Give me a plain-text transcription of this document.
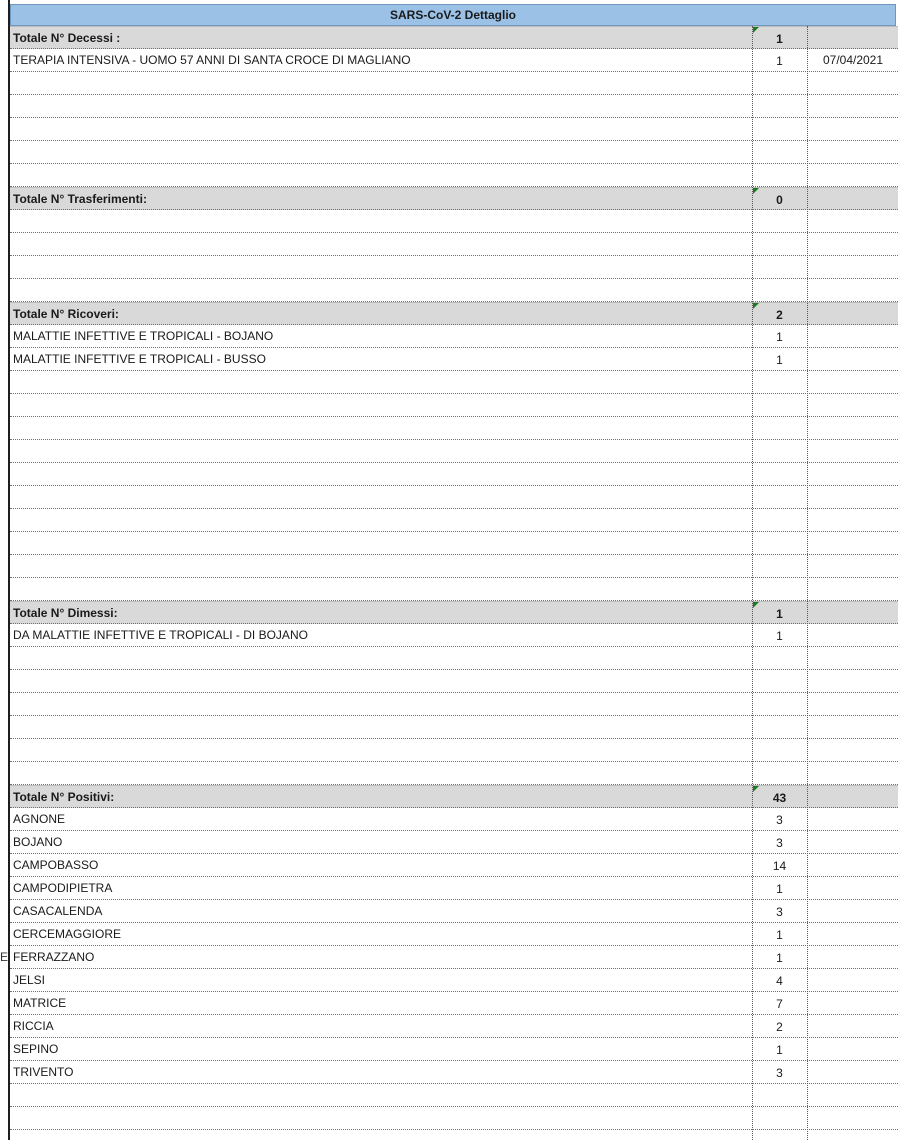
E
SARS-CoV-2 Dettaglio
Totale N° Decessi :	1
TERAPIA INTENSIVA - UOMO 57 ANNI DI SANTA CROCE DI MAGLIANO	1	07/04/2021
Totale N° Trasferimenti:	0
Totale N° Ricoveri:	2
MALATTIE INFETTIVE E TROPICALI - BOJANO	1
MALATTIE INFETTIVE E TROPICALI - BUSSO	1
Totale N° Dimessi:	1
DA MALATTIE INFETTIVE E TROPICALI - DI BOJANO	1
Totale N° Positivi:	43
AGNONE	3
BOJANO	3
CAMPOBASSO	14
CAMPODIPIETRA	1
CASACALENDA	3
CERCEMAGGIORE	1
FERRAZZANO	1
JELSI	4
MATRICE	7
RICCIA	2
SEPINO	1
TRIVENTO	3
